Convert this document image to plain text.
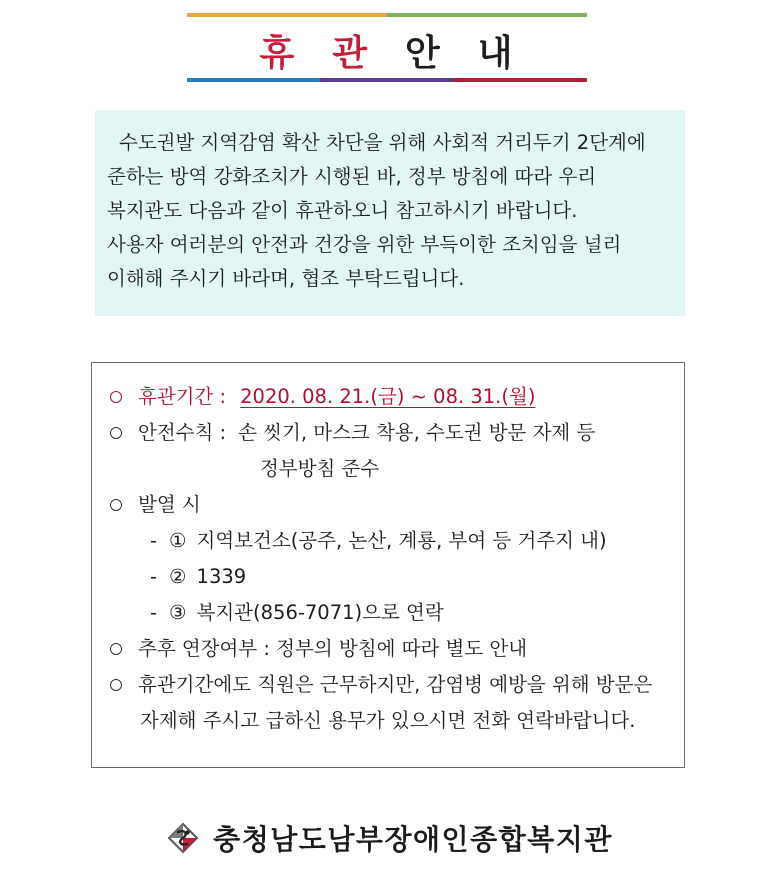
휴 관 안 내

수도권발 지역감염 확산 차단을 위해 사회적 거리두기 2단계에

준하는 방역 강화조치가 시행된 바, 정부 방침에 따라 우리

복지관도 다음과 같이 휴관하오니 참고하시기 바랍니다.

사용자 여러분의 안전과 건강을 위한 부득이한 조치임을 널리

이해해 주시기 바라며, 협조 부탁드립니다.

휴관기간 : 2020. 08. 21.(금) ~ 08. 31.(월)
안전수칙 : 손 씻기, 마스크 착용, 수도권 방문 자제 등
정부방침 준수
발열 시
- ① 지역보건소(공주, 논산, 계룡, 부여 등 거주지 내)
- ② 1339
- ③ 복지관(856-7071)으로 연락
추후 연장여부 : 정부의 방침에 따라 별도 안내
휴관기간에도 직원은 근무하지만, 감염병 예방을 위해 방문은
자제해 주시고 급하신 용무가 있으시면 전화 연락바랍니다.
충청남도남부장애인종합복지관
